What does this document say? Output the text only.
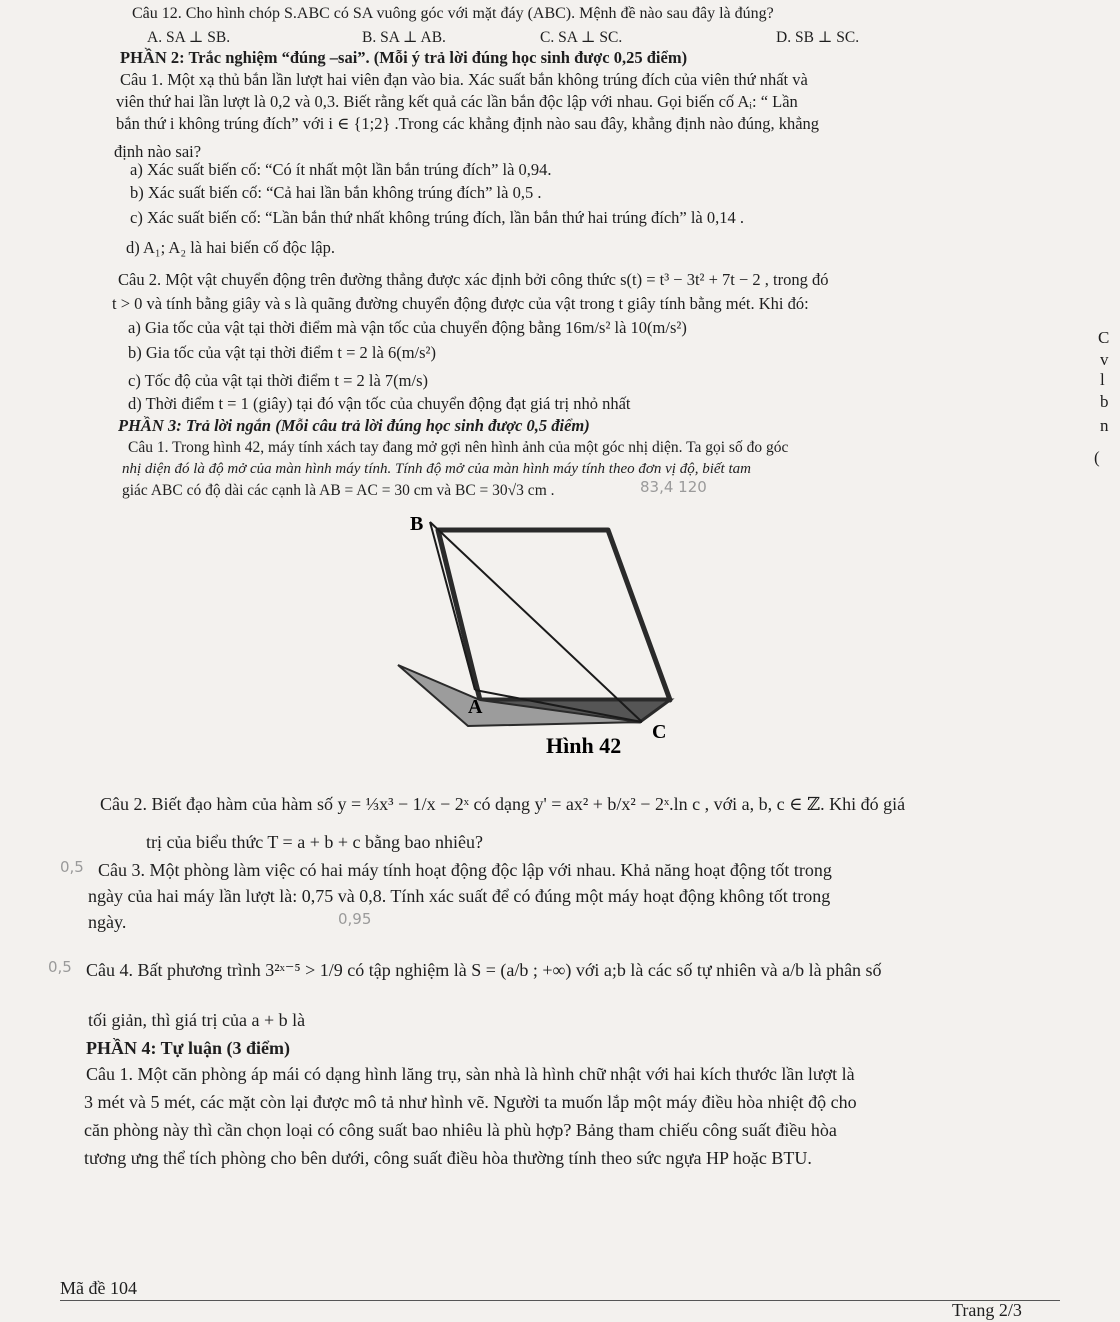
Câu 12. Cho hình chóp S.ABC có SA vuông góc với mặt đáy (ABC). Mệnh đề nào sau đây là đúng?
A. SA ⊥ SB.	B. SA ⊥ AB.	C. SA ⊥ SC.	D. SB ⊥ SC.
PHẦN 2: Trắc nghiệm “đúng –sai”. (Mỗi ý trả lời đúng học sinh được 0,25 điểm)
Câu 1. Một xạ thủ bắn lần lượt hai viên đạn vào bia. Xác suất bắn không trúng đích của viên thứ nhất và
viên thứ hai lần lượt là 0,2 và 0,3. Biết rằng kết quả các lần bắn độc lập với nhau. Gọi biến cố Aᵢ: “ Lần
bắn thứ i không trúng đích” với i ∈ {1;2} .Trong các khẳng định nào sau đây, khẳng định nào đúng, khẳng
định nào sai?
a) Xác suất biến cố: “Có ít nhất một lần bắn trúng đích” là 0,94.
b) Xác suất biến cố: “Cả hai lần bắn không trúng đích” là 0,5 .
c) Xác suất biến cố: “Lần bắn thứ nhất không trúng đích, lần bắn thứ hai trúng đích” là 0,14 .
d) A₁; A₂ là hai biến cố độc lập.
Câu 2. Một vật chuyển động trên đường thẳng được xác định bởi công thức s(t) = t³ − 3t² + 7t − 2 , trong đó
t > 0 và tính bằng giây và s là quãng đường chuyển động được của vật trong t giây tính bằng mét. Khi đó:
a) Gia tốc của vật tại thời điểm mà vận tốc của chuyển động bằng 16m/s² là 10(m/s²)
b) Gia tốc của vật tại thời điểm t = 2 là 6(m/s²)
c) Tốc độ của vật tại thời điểm t = 2 là 7(m/s)
d) Thời điểm t = 1 (giây) tại đó vận tốc của chuyển động đạt giá trị nhỏ nhất
PHẦN 3: Trả lời ngắn (Mỗi câu trả lời đúng học sinh được 0,5 điểm)
Câu 1. Trong hình 42, máy tính xách tay đang mở gợi nên hình ảnh của một góc nhị diện. Ta gọi số đo góc
nhị diện đó là độ mở của màn hình máy tính. Tính độ mở của màn hình máy tính theo đơn vị độ, biết tam
giác ABC có độ dài các cạnh là AB = AC = 30 cm và BC = 30√3 cm .	83,4 120
C
v
l
b
n
(
B
A
C
Hình 42
Câu 2. Biết đạo hàm của hàm số y = ⅓x³ − 1/x − 2ˣ có dạng y' = ax² + b/x² − 2ˣ.ln c , với a, b, c ∈ ℤ. Khi đó giá
trị của biểu thức T = a + b + c bằng bao nhiêu?
Câu 3. Một phòng làm việc có hai máy tính hoạt động độc lập với nhau. Khả năng hoạt động tốt trong
ngày của hai máy lần lượt là: 0,75 và 0,8. Tính xác suất để có đúng một máy hoạt động không tốt trong
ngày.
0,5
0,95
Câu 4. Bất phương trình 3²ˣ⁻⁵ > 1/9 có tập nghiệm là S = (a/b ; +∞) với a;b là các số tự nhiên và a/b là phân số
tối giản, thì giá trị của a + b là
0,5
PHẦN 4: Tự luận (3 điểm)
Câu 1. Một căn phòng áp mái có dạng hình lăng trụ, sàn nhà là hình chữ nhật với hai kích thước lần lượt là
3 mét và 5 mét, các mặt còn lại được mô tả như hình vẽ. Người ta muốn lắp một máy điều hòa nhiệt độ cho
căn phòng này thì cần chọn loại có công suất bao nhiêu là phù hợp? Bảng tham chiếu công suất điều hòa
tương ưng thể tích phòng cho bên dưới, công suất điều hòa thường tính theo sức ngựa HP hoặc BTU.
Mã đề 104
Trang 2/3
